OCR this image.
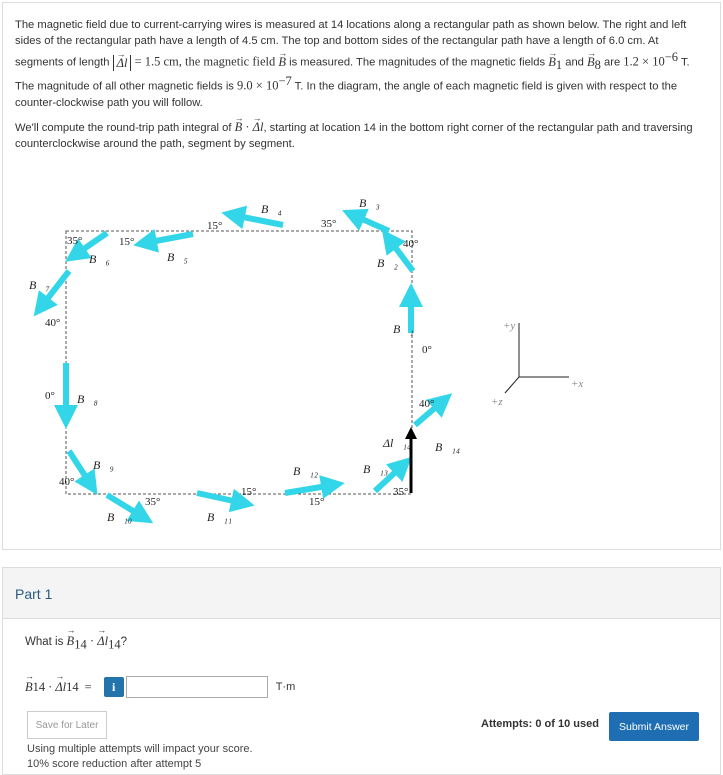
The magnetic field due to current-carrying wires is measured at 14 locations along a rectangular path as shown below. The right and left sides of the rectangular path have a length of 4.5 cm. The top and bottom sides of the rectangular path have a length of 6.0 cm. At segments of length → Δl = 1.5 cm, the magnetic field → B is measured. The magnitudes of the magnetic fields → $B_1$ and → $B_8$ are $1.2 \times 10^{-6}$ T. The magnitude of all other magnetic fields is $9.0 \times 10^{-7}$ T. In the diagram, the angle of each magnetic field is given with respect to the counter-clockwise path you will follow.

We'll compute the round-trip path integral of → B · → Δl, starting at location 14 in the bottom right corner of the rectangular path and traversing counterclockwise around the path, segment by segment.

B⃗₁
B⃗₂
B⃗₃
B⃗₄
B⃗₅
B⃗₆
B⃗₇
B⃗₈
B⃗₉
B⃗₁₀	B⃗₁₁
B⃗₁₂	B⃗₁₃
B⃗₁₄
Δl⃗₁₄
0°
40°
35°
15°
15°
35°
40°
0°
40°
35°
15°
15°
35°
40°
+y
+x
+z
Part 1
What is → $B_{14}$ · → $\Delta l_{14}$?
→ B 14 · → Δl 14 =	i	T·m
Save for Later
Using multiple attempts will impact your score.
10% score reduction after attempt 5
Attempts: 0 of 10 used	Submit Answer
